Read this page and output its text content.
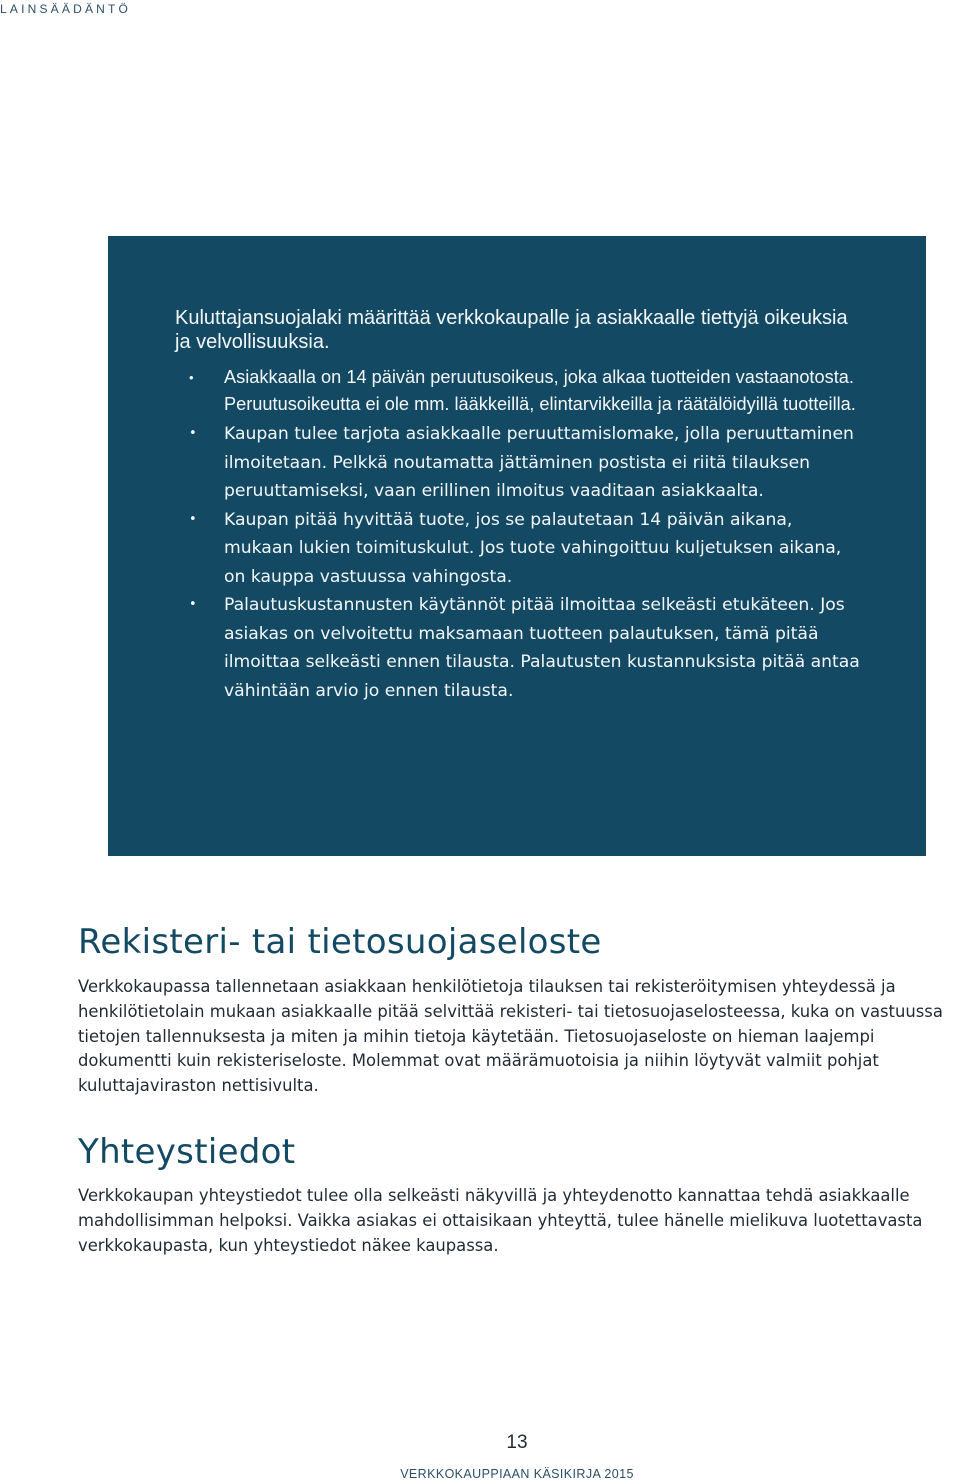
LAINSÄÄDÄNTÖ

Kuluttajansuojalaki määrittää verkkokaupalle ja asiakkaalle tiettyjä oikeuksia ja velvollisuuksia.

• Asiakkaalla on 14 päivän peruutusoikeus, joka alkaa tuotteiden vastaanotosta. Peruutusoikeutta ei ole mm. lääkkeillä, elintarvikkeilla ja räätälöidyillä tuotteilla.
• Kaupan tulee tarjota asiakkaalle peruuttamislomake, jolla peruuttaminen ilmoitetaan. Pelkkä noutamatta jättäminen postista ei riitä tilauksen peruuttamiseksi, vaan erillinen ilmoitus vaaditaan asiakkaalta.
• Kaupan pitää hyvittää tuote, jos se palautetaan 14 päivän aikana, mukaan lukien toimituskulut. Jos tuote vahingoittuu kuljetuksen aikana, on kauppa vastuussa vahingosta.
• Palautuskustannusten käytännöt pitää ilmoittaa selkeästi etukäteen. Jos asiakas on velvoitettu maksamaan tuotteen palautuksen, tämä pitää ilmoittaa selkeästi ennen tilausta. Palautusten kustannuksista pitää antaa vähintään arvio jo ennen tilausta.
Rekisteri- tai tietosuojaseloste

Verkkokaupassa tallennetaan asiakkaan henkilötietoja tilauksen tai rekisteröitymisen yhteydessä ja henkilötietolain mukaan asiakkaalle pitää selvittää rekisteri- tai tietosuojaselosteessa, kuka on vastuussa tietojen tallennuksesta ja miten ja mihin tietoja käytetään. Tietosuojaseloste on hieman laajempi dokumentti kuin rekisteriseloste. Molemmat ovat määrämuotoisia ja niihin löytyvät valmiit pohjat kuluttajaviraston nettisivulta.

Yhteystiedot

Verkkokaupan yhteystiedot tulee olla selkeästi näkyvillä ja yhteydenotto kannattaa tehdä asiakkaalle mahdollisimman helpoksi. Vaikka asiakas ei ottaisikaan yhteyttä, tulee hänelle mielikuva luotettavasta verkkokaupasta, kun yhteystiedot näkee kaupassa.

13
VERKKOKAUPPIAAN KÄSIKIRJA 2015
